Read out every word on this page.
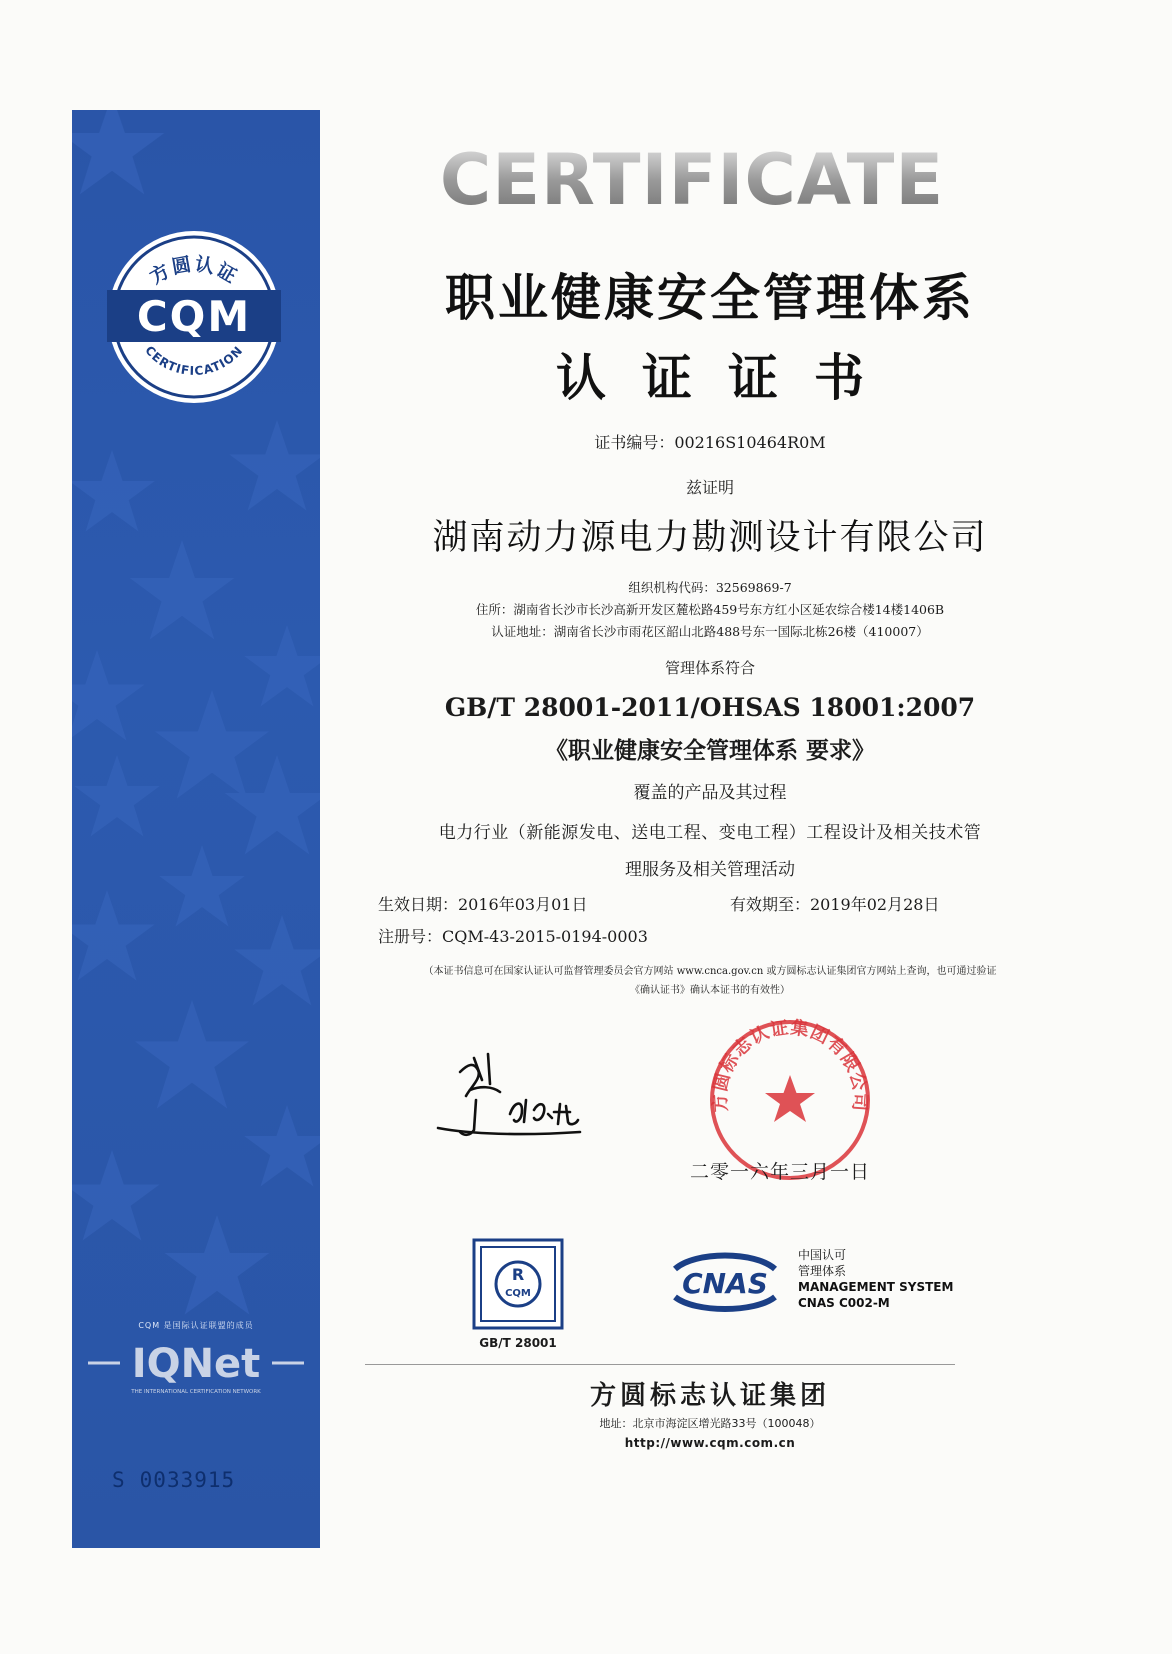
方圆认证
CQM
CERTIFICATION
CQM 是国际认证联盟的成员
IQNet
THE INTERNATIONAL CERTIFICATION NETWORK
S 0033915
CERTIFICATE
职业健康安全管理体系
认证证书
证书编号：00216S10464R0M
兹证明
湖南动力源电力勘测设计有限公司
组织机构代码：32569869-7
住所：湖南省长沙市长沙高新开发区麓松路459号东方红小区延农综合楼14楼1406B
认证地址：湖南省长沙市雨花区韶山北路488号东一国际北栋26楼（410007）
管理体系符合
GB/T 28001-2011/OHSAS 18001:2007
《职业健康安全管理体系 要求》
覆盖的产品及其过程
电力行业（新能源发电、送电工程、变电工程）工程设计及相关技术管
理服务及相关管理活动
生效日期：2016年03月01日	有效期至：2019年02月28日
注册号：CQM-43-2015-0194-0003
（本证书信息可在国家认证认可监督管理委员会官方网站 www.cnca.gov.cn 或方圆标志认证集团官方网站上查询，也可通过验证
《确认证书》确认本证书的有效性）
方圆标志认证集团有限公司
二零一六年三月一日
R
CQM
GB/T 28001
CNAS
中国认可
管理体系
MANAGEMENT SYSTEM
CNAS C002-M
方圆标志认证集团
地址：北京市海淀区增光路33号（100048）
http://www.cqm.com.cn
